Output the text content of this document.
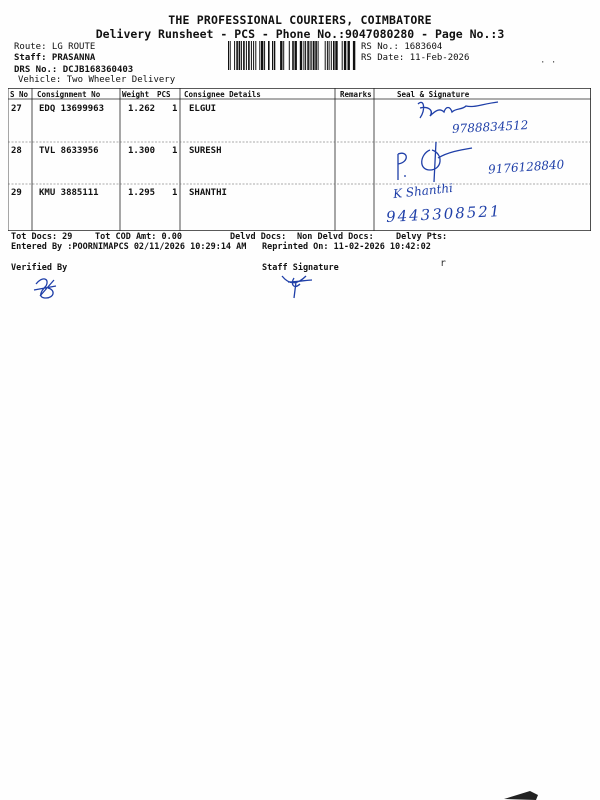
THE PROFESSIONAL COURIERS, COIMBATORE
Delivery Runsheet - PCS - Phone No.:9047080280 - Page No.:3
Route: LG ROUTE
Staff: PRASANNA
DRS No.: DCJB168360403
Vehicle: Two Wheeler Delivery
RS No.: 1683604
RS Date: 11-Feb-2026	· ·
S No Consignment No	Weight PCS Consignee Details	Remarks	Seal & Signature
27 EDQ 13699963	1.262 1 ELGUI
28 TVL 8633956	1.300 1 SURESH
29 KMU 3885111	1.295 1 SHANTHI
9788834512
9176128840
K Shanthi
9443308521
Tot Docs: 29	Tot COD Amt: 0.00	Delvd Docs: Non Delvd Docs:	Delvy Pts:
Entered By :POORNIMAPCS 02/11/2026 10:29:14 AM Reprinted On: 11-02-2026 10:42:02
Verified By	Staff Signature	r
